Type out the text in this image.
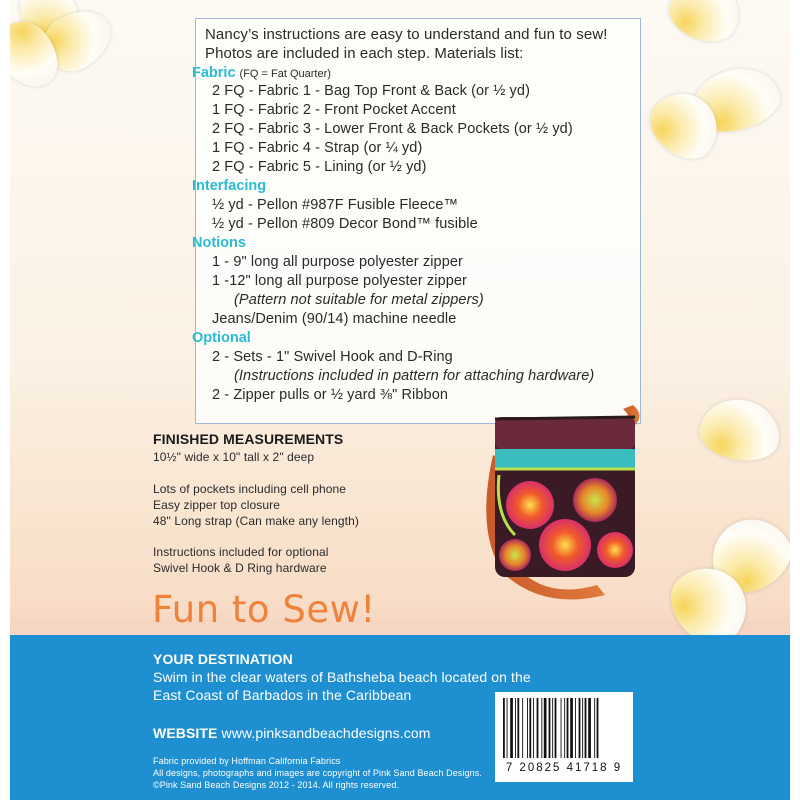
Nancy’s instructions are easy to understand and fun to sew!
Photos are included in each step. Materials list:
Fabric (FQ = Fat Quarter)
2 FQ - Fabric 1 - Bag Top Front & Back (or ½ yd)
1 FQ - Fabric 2 - Front Pocket Accent
2 FQ - Fabric 3 - Lower Front & Back Pockets (or ½ yd)
1 FQ - Fabric 4 - Strap (or ¼ yd)
2 FQ - Fabric 5 - Lining (or ½ yd)
Interfacing
½ yd - Pellon #987F Fusible Fleece™
½ yd - Pellon #809 Decor Bond™ fusible
Notions
1 - 9" long all purpose polyester zipper
1 -12" long all purpose polyester zipper
(Pattern not suitable for metal zippers)
Jeans/Denim (90/14) machine needle
Optional
2 - Sets - 1" Swivel Hook and D-Ring
(Instructions included in pattern for attaching hardware)
2 - Zipper pulls or ½ yard ⅜" Ribbon
FINISHED MEASUREMENTS
10½" wide x 10" tall x 2" deep
Lots of pockets including cell phone
Easy zipper top closure
48" Long strap (Can make any length)
Instructions included for optional
Swivel Hook & D Ring hardware
Fun to Sew!
YOUR DESTINATION
Swim in the clear waters of Bathsheba beach located on the
East Coast of Barbados in the Caribbean
WEBSITE www.pinksandbeachdesigns.com
Fabric provided by Hoffman California Fabrics
All designs, photographs and images are copyright of Pink Sand Beach Designs.
©Pink Sand Beach Designs 2012 - 2014. All rights reserved.
7 20825 41718 9
